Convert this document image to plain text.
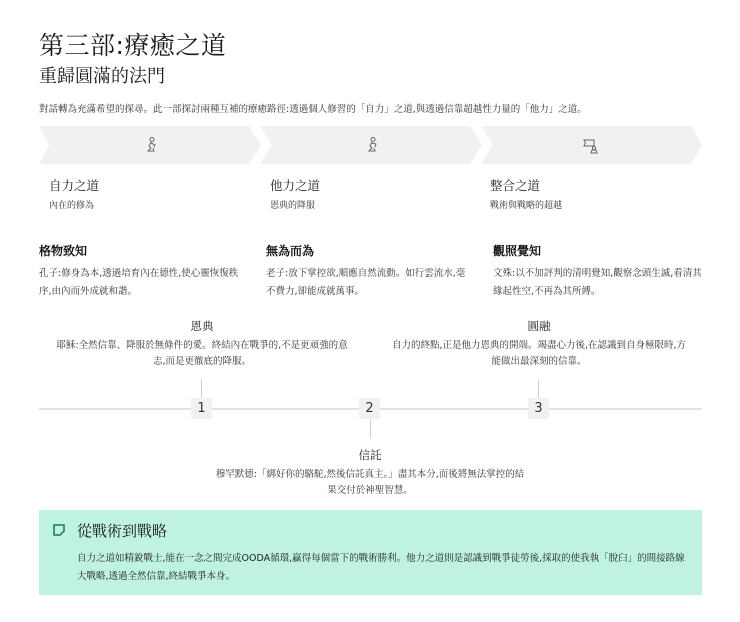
第三部:療癒之道
重歸圓滿的法門
對話轉為充滿希望的探尋。此一部探討兩種互補的療癒路徑:透過個人修習的「自力」之道,與透過信靠超越性力量的「他力」之道。
自力之道
內在的修為
他力之道
恩典的降服
整合之道
戰術與戰略的超越
格物致知
孔子:修身為本,透過培育內在德性,使心靈恢復秩序,由內而外成就和諧。
無為而為
老子:放下掌控欲,順應自然流動。如行雲流水,毫不費力,卻能成就萬事。
觀照覺知
文殊:以不加評判的清明覺知,觀察念頭生滅,看清其緣起性空,不再為其所縛。
恩典
耶穌:全然信靠、降服於無條件的愛。終結內在戰爭的,不是更頑強的意志,而是更徹底的降服。
圓融
自力的終點,正是他力恩典的開端。竭盡心力後,在認識到自身極限時,方能做出最深刻的信靠。
1	2	3
信託
穆罕默德:「綁好你的駱駝,然後信託真主。」盡其本分,而後將無法掌控的結果交付於神聖智慧。
從戰術到戰略
自力之道如精銳戰士,能在一念之間完成OODA循環,贏得每個當下的戰術勝利。他力之道則是認識到戰爭徒勞後,採取的使我執「脫臼」的間接路線大戰略,透過全然信靠,終結戰爭本身。
